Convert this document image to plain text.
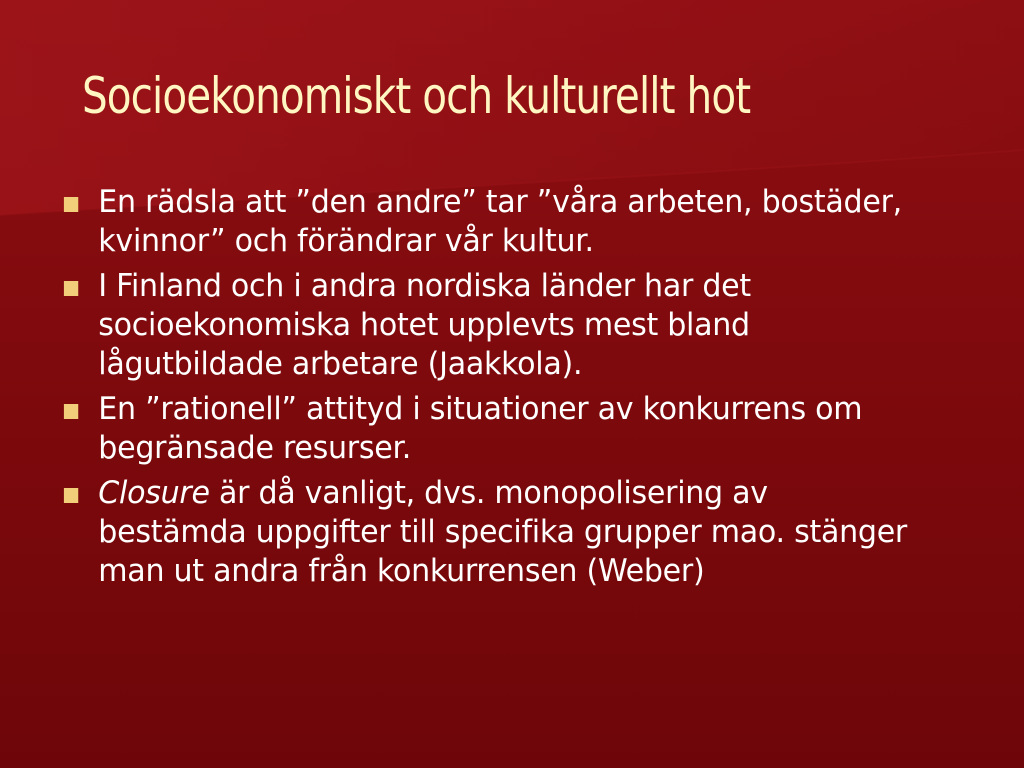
Socioekonomiskt och kulturellt hot
En rädsla att ”den andre” tar ”våra arbeten, bostäder, kvinnor” och förändrar vår kultur.
I Finland och i andra nordiska länder har det socioekonomiska hotet upplevts mest bland lågutbildade arbetare (Jaakkola).
En ”rationell” attityd i situationer av konkurrens om begränsade resurser.
Closure är då vanligt, dvs. monopolisering av bestämda uppgifter till specifika grupper mao. stänger man ut andra från konkurrensen (Weber)
